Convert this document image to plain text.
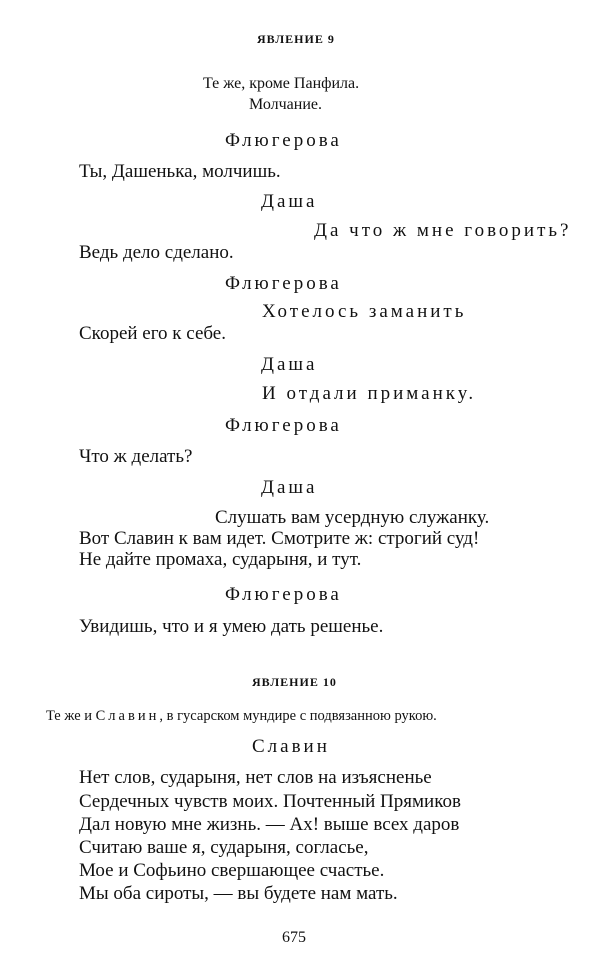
ЯВЛЕНИЕ 9
Те же, кроме Панфила.
Молчание.
Флюгерова
Ты, Дашенька, молчишь.
Даша
Да что ж мне говорить?
Ведь дело сделано.
Флюгерова
Хотелось заманить
Скорей его к себе.
Даша
И отдали приманку.
Флюгерова
Что ж делать?
Даша
Слушать вам усердную служанку.
Вот Славин к вам идет. Смотрите ж: строгий суд!
Не дайте промаха, сударыня, и тут.
Флюгерова
Увидишь, что и я умею дать решенье.
ЯВЛЕНИЕ 10
Те же и Славин, в гусарском мундире с подвязанною рукою.
Славин
Нет слов, сударыня, нет слов на изъясненье
Сердечных чувств моих. Почтенный Прямиков
Дал новую мне жизнь. — Ах! выше всех даров
Считаю ваше я, сударыня, согласье,
Мое и Софьино свершающее счастье.
Мы оба сироты, — вы будете нам мать.
675
